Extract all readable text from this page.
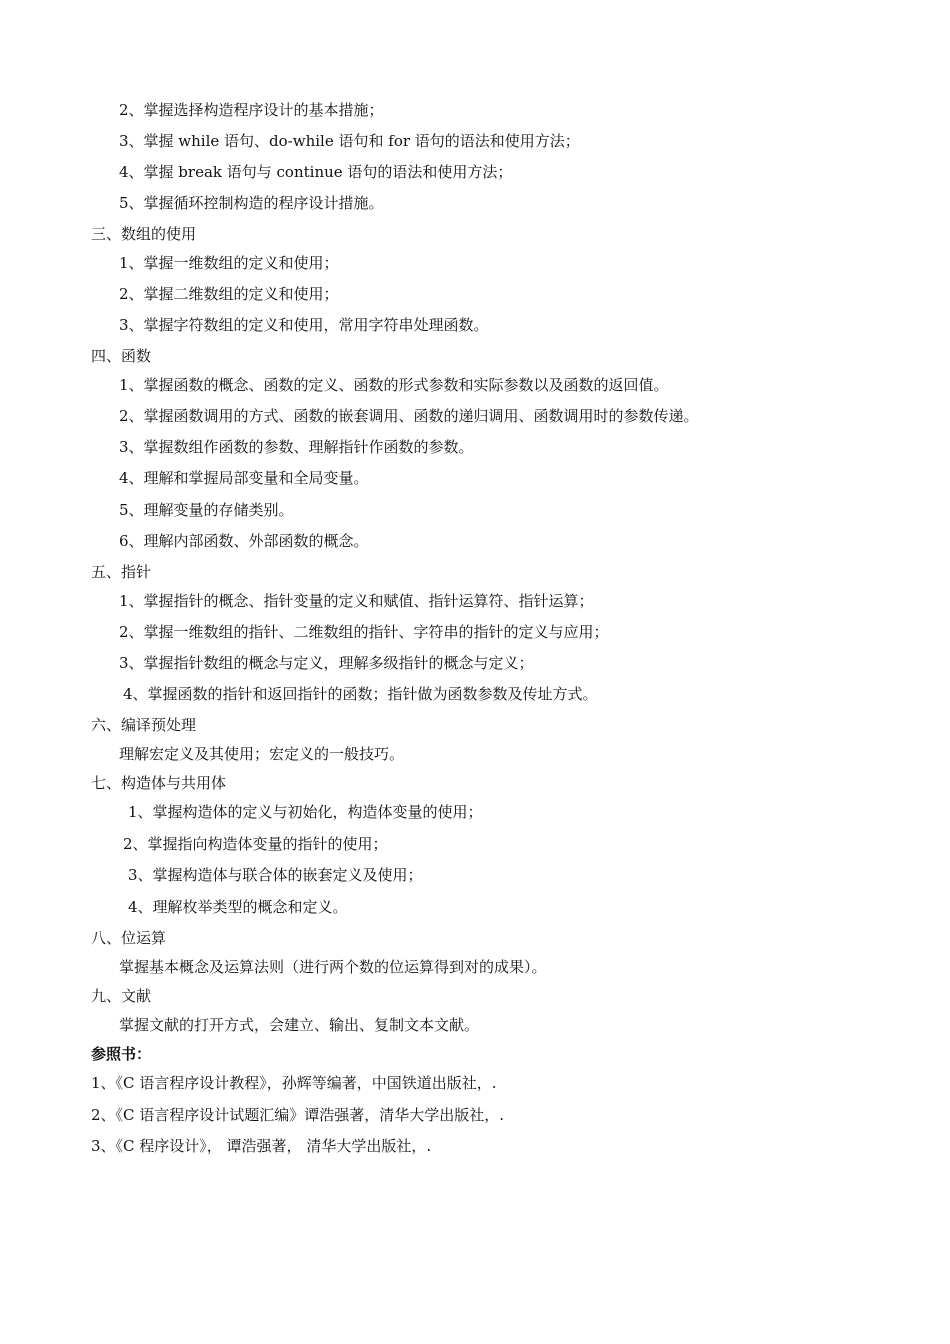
2、掌握选择构造程序设计的基本措施；
3、掌握 while 语句、do-while 语句和 for 语句的语法和使用方法；
4、掌握 break 语句与 continue 语句的语法和使用方法；
5、掌握循环控制构造的程序设计措施。
三、数组的使用
1、掌握一维数组的定义和使用；
2、掌握二维数组的定义和使用；
3、掌握字符数组的定义和使用，常用字符串处理函数。
四、函数
1、掌握函数的概念、函数的定义、函数的形式参数和实际参数以及函数的返回值。
2、掌握函数调用的方式、函数的嵌套调用、函数的递归调用、函数调用时的参数传递。
3、掌握数组作函数的参数、理解指针作函数的参数。
4、理解和掌握局部变量和全局变量。
5、理解变量的存储类别。
6、理解内部函数、外部函数的概念。
五、指针
1、掌握指针的概念、指针变量的定义和赋值、指针运算符、指针运算；
2、掌握一维数组的指针、二维数组的指针、字符串的指针的定义与应用；
3、掌握指针数组的概念与定义，理解多级指针的概念与定义；
4、掌握函数的指针和返回指针的函数；指针做为函数参数及传址方式。
六、编译预处理
理解宏定义及其使用；宏定义的一般技巧。
七、构造体与共用体
1、掌握构造体的定义与初始化，构造体变量的使用；
2、掌握指向构造体变量的指针的使用；
3、掌握构造体与联合体的嵌套定义及使用；
4、理解枚举类型的概念和定义。
八、位运算
掌握基本概念及运算法则（进行两个数的位运算得到对的成果）。
九、文献
掌握文献的打开方式，会建立、输出、复制文本文献。
参照书：
1、《C 语言程序设计教程》，孙辉等编著，中国铁道出版社，.
2、《C 语言程序设计试题汇编》谭浩强著，清华大学出版社，.
3、《C 程序设计》， 谭浩强著， 清华大学出版社，.
